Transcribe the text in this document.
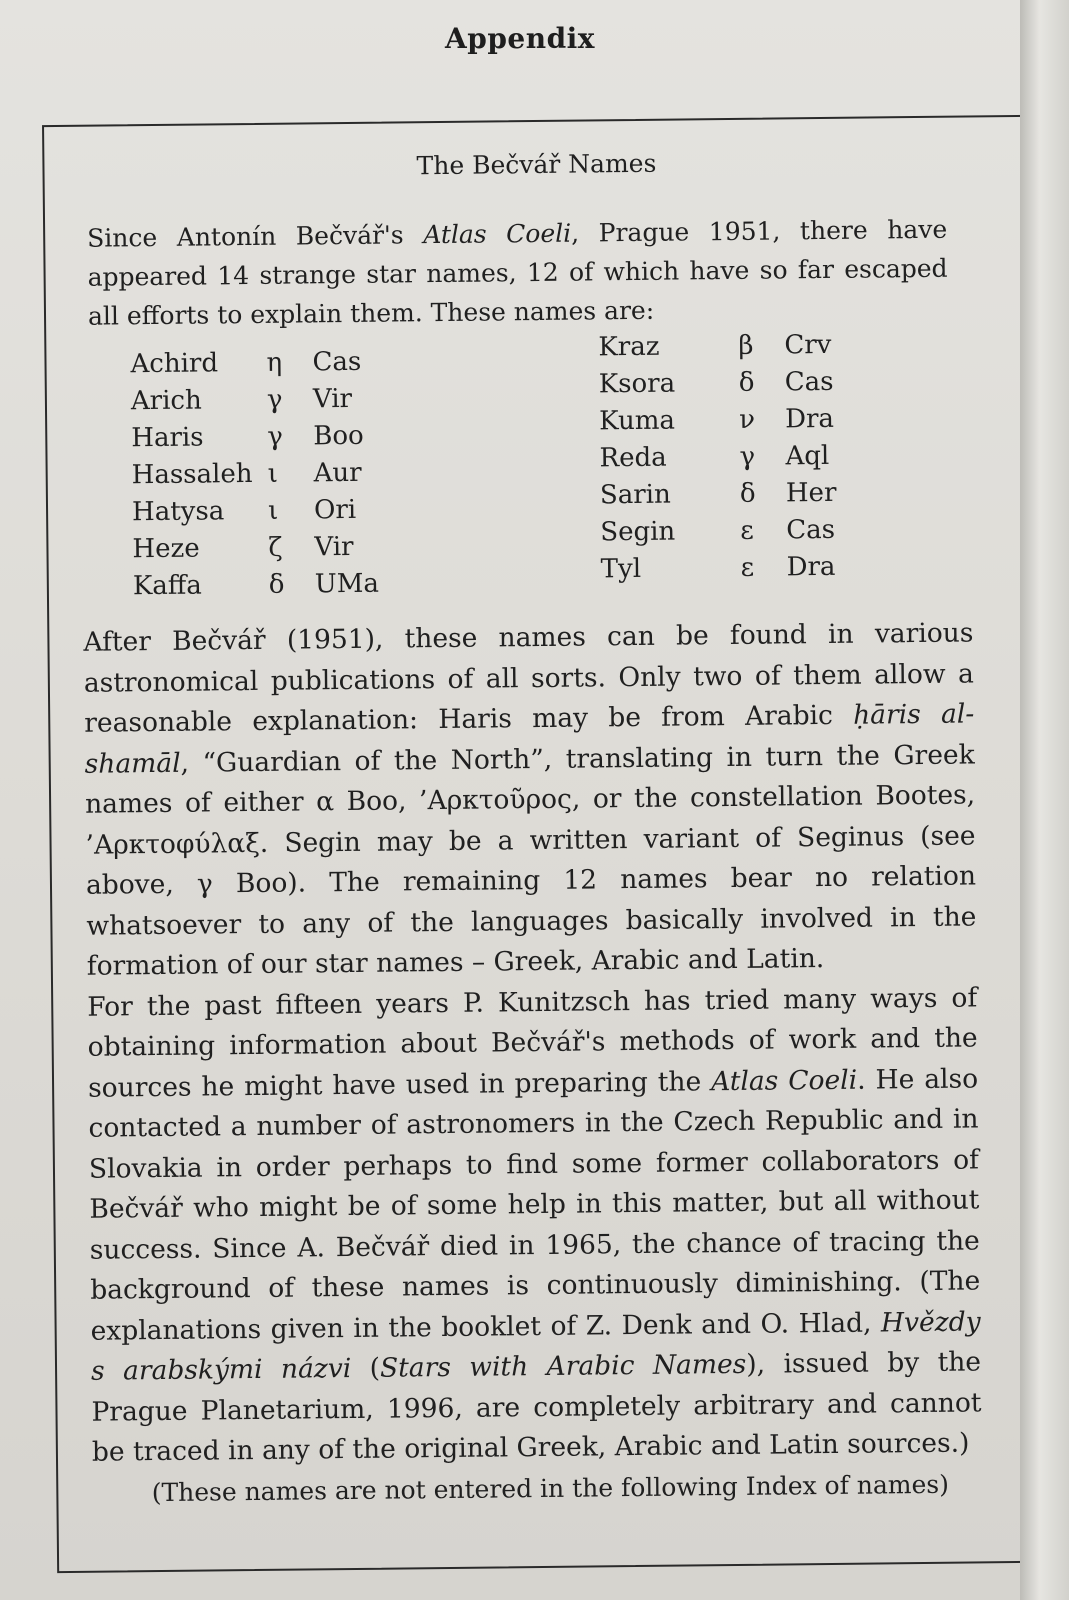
Appendix
The Bečvář Names
Since Antonín Bečvář's Atlas Coeli, Prague 1951, there have appeared 14 strange star names, 12 of which have so far escaped all efforts to explain them. These names are:
Achird	η	Cas
Arich	γ	Vir
Haris	γ	Boo
Hassaleh ι	Aur
Hatysa	ι	Ori
Heze	ζ	Vir
Kaffa	δ	UMa
Kraz	β	Crv
Ksora	δ	Cas
Kuma	ν	Dra
Reda	γ	Aql
Sarin	δ	Her
Segin	ε	Cas
Tyl	ε	Dra

After Bečvář (1951), these names can be found in various astronomical publications of all sorts. Only two of them allow a reasonable explanation: Haris may be from Arabic ḥāris al-shamāl, “Guardian of the North”, translating in turn the Greek names of either α Boo, ’Αρκτοῦρος, or the constellation Bootes, ’Αρκτοφύλαξ. Segin may be a written variant of Seginus (see above, γ Boo). The remaining 12 names bear no relation whatsoever to any of the languages basically involved in the formation of our star names – Greek, Arabic and Latin.

For the past fifteen years P. Kunitzsch has tried many ways of obtaining information about Bečvář's methods of work and the sources he might have used in preparing the Atlas Coeli. He also contacted a number of astronomers in the Czech Republic and in Slovakia in order perhaps to find some former collaborators of Bečvář who might be of some help in this matter, but all without success. Since A. Bečvář died in 1965, the chance of tracing the background of these names is continuously diminishing. (The explanations given in the booklet of Z. Denk and O. Hlad, Hvězdy s arabskými názvi (Stars with Arabic Names), issued by the Prague Planetarium, 1996, are completely arbitrary and cannot be traced in any of the original Greek, Arabic and Latin sources.)

(These names are not entered in the following Index of names)
